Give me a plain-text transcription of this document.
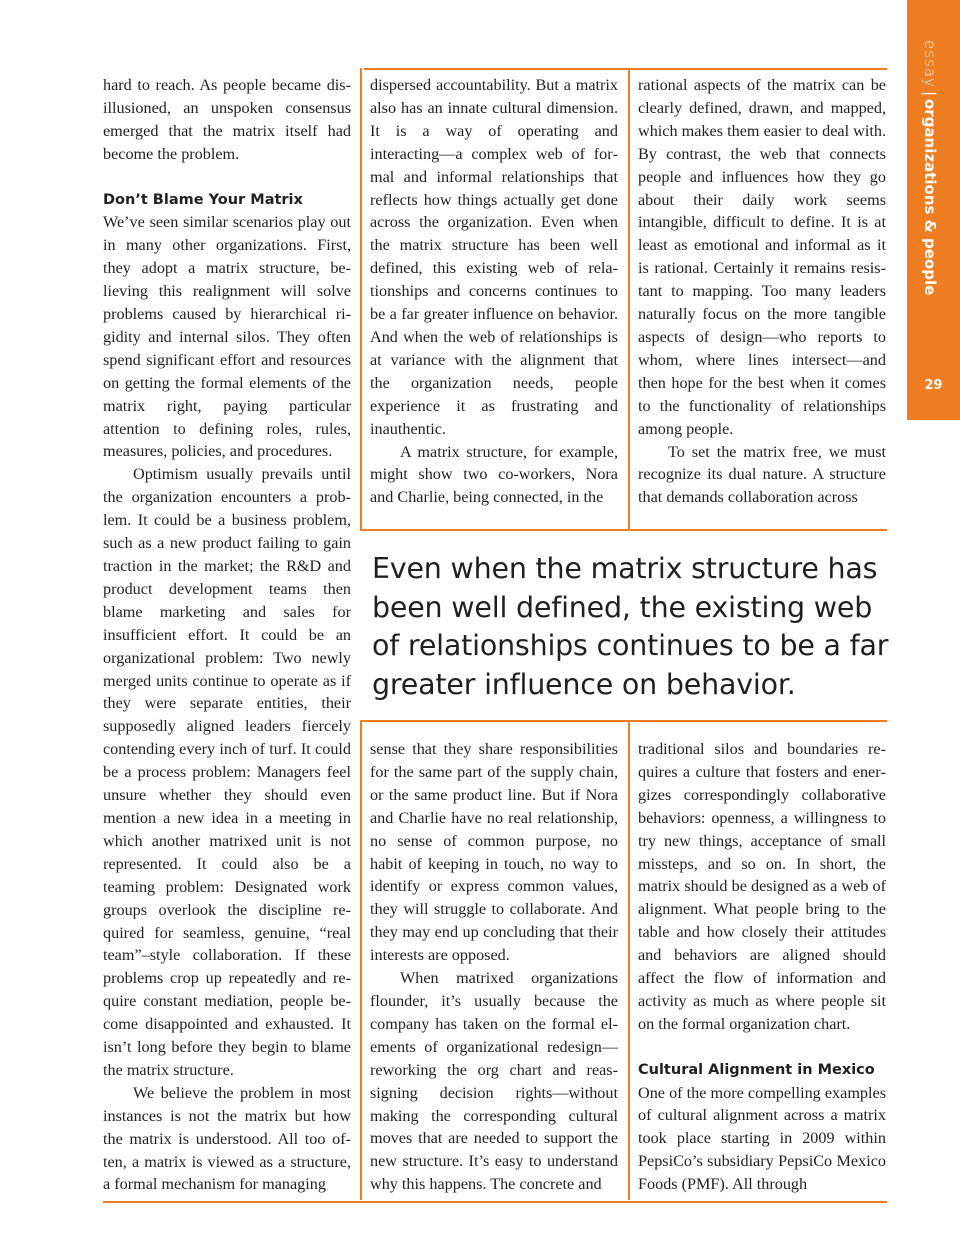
essay|organizations & people
29

hard to reach. As people became disillusioned, an unspoken consensus emerged that the matrix itself had become the problem.

Don’t Blame Your Matrix

We’ve seen similar scenarios play out in many other organizations. First, they adopt a matrix structure, believing this realignment will solve problems caused by hierarchical rigidity and internal silos. They often spend significant effort and resources on getting the formal elements of the matrix right, paying particular attention to defining roles, rules, measures, policies, and procedures.

Optimism usually prevails until the organization encounters a problem. It could be a business problem, such as a new product failing to gain traction in the market; the R&D and product development teams then blame marketing and sales for insufficient effort. It could be an organizational problem: Two newly merged units continue to operate as if they were separate entities, their supposedly aligned leaders fiercely contending every inch of turf. It could be a process problem: Managers feel unsure whether they should even mention a new idea in a meeting in which another matrixed unit is not represented. It could also be a teaming problem: Designated work groups overlook the discipline required for seamless, genuine, “real team”–style collaboration. If these problems crop up repeatedly and require constant mediation, people become disappointed and exhausted. It isn’t long before they begin to blame the matrix structure.

We believe the problem in most instances is not the matrix but how the matrix is understood. All too often, a matrix is viewed as a structure, a formal mechanism for managing

dispersed accountability. But a matrix also has an innate cultural dimension. It is a way of operating and interacting—a complex web of formal and informal relationships that reflects how things actually get done across the organization. Even when the matrix structure has been well defined, this existing web of relationships and concerns continues to be a far greater influence on behavior. And when the web of relationships is at variance with the alignment that the organization needs, people experience it as frustrating and inauthentic.

A matrix structure, for example, might show two co-workers, Nora and Charlie, being connected, in the

rational aspects of the matrix can be clearly defined, drawn, and mapped, which makes them easier to deal with. By contrast, the web that connects people and influences how they go about their daily work seems intangible, difficult to define. It is at least as emotional and informal as it is rational. Certainly it remains resistant to mapping. Too many leaders naturally focus on the more tangible aspects of design—who reports to whom, where lines intersect—and then hope for the best when it comes to the functionality of relationships among people.

To set the matrix free, we must recognize its dual nature. A structure that demands collaboration across

Even when the matrix structure has been well defined, the existing web of relationships continues to be a far greater influence on behavior.

sense that they share responsibilities for the same part of the supply chain, or the same product line. But if Nora and Charlie have no real relationship, no sense of common purpose, no habit of keeping in touch, no way to identify or express common values, they will struggle to collaborate. And they may end up concluding that their interests are opposed.

When matrixed organizations flounder, it’s usually because the company has taken on the formal elements of organizational redesign—reworking the org chart and reassigning decision rights—without making the corresponding cultural moves that are needed to support the new structure. It’s easy to understand why this happens. The concrete and

traditional silos and boundaries requires a culture that fosters and energizes correspondingly collaborative behaviors: openness, a willingness to try new things, acceptance of small missteps, and so on. In short, the matrix should be designed as a web of alignment. What people bring to the table and how closely their attitudes and behaviors are aligned should affect the flow of information and activity as much as where people sit on the formal organization chart.

Cultural Alignment in Mexico

One of the more compelling examples of cultural alignment across a matrix took place starting in 2009 within PepsiCo’s subsidiary PepsiCo Mexico Foods (PMF). All through
